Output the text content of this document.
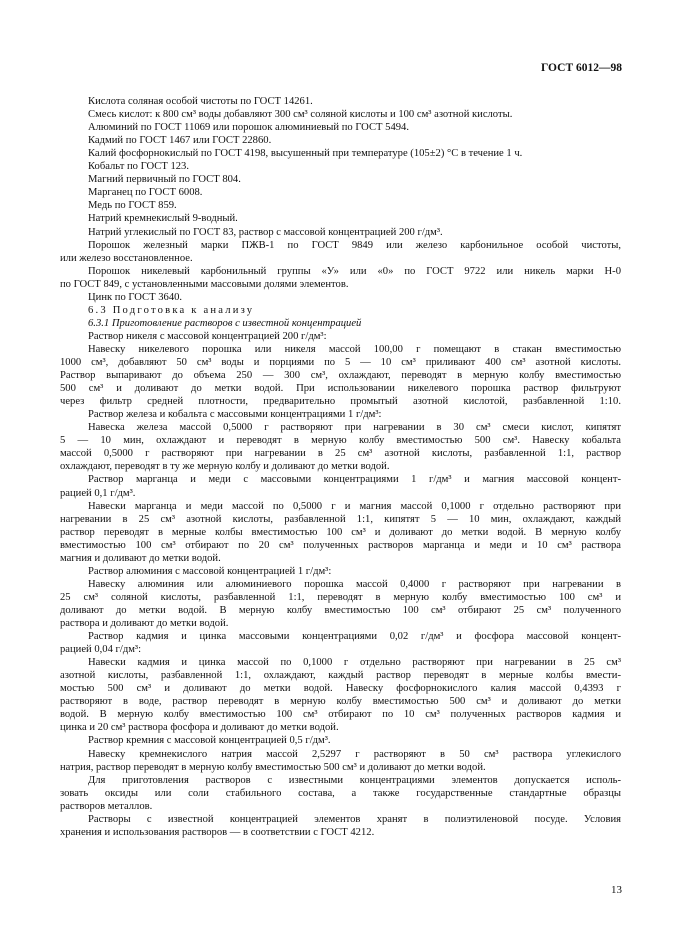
ГОСТ 6012—98
Кислота соляная особой чистоты по ГОСТ 14261.
Смесь кислот: к 800 см³ воды добавляют 300 см³ соляной кислоты и 100 см³ азотной кислоты.
Алюминий по ГОСТ 11069 или порошок алюминиевый по ГОСТ 5494.
Кадмий по ГОСТ 1467 или ГОСТ 22860.
Калий фосфорнокислый по ГОСТ 4198, высушенный при температуре (105±2) °С в течение 1 ч.
Кобальт по ГОСТ 123.
Магний первичный по ГОСТ 804.
Марганец по ГОСТ 6008.
Медь по ГОСТ 859.
Натрий кремнекислый 9-водный.
Натрий углекислый по ГОСТ 83, раствор с массовой концентрацией 200 г/дм³.
Порошок железный марки ПЖВ-1 по ГОСТ 9849 или железо карбонильное особой чистоты,
или железо восстановленное.
Порошок никелевый карбонильный группы «У» или «0» по ГОСТ 9722 или никель марки Н-0
по ГОСТ 849, с установленными массовыми долями элементов.
Цинк по ГОСТ 3640.
6.3 Подготовка к анализу
6.3.1 Приготовление растворов с известной концентрацией
Раствор никеля с массовой концентрацией 200 г/дм³:
Навеску никелевого порошка или никеля массой 100,00 г помещают в стакан вместимостью
1000 см³, добавляют 50 см³ воды и порциями по 5 — 10 см³ приливают 400 см³ азотной кислоты.
Раствор выпаривают до объема 250 — 300 см³, охлаждают, переводят в мерную колбу вместимостью
500 см³ и доливают до метки водой. При использовании никелевого порошка раствор фильтруют
через фильтр средней плотности, предварительно промытый азотной кислотой, разбавленной 1:10.
Раствор железа и кобальта с массовыми концентрациями 1 г/дм³:
Навеска железа массой 0,5000 г растворяют при нагревании в 30 см³ смеси кислот, кипятят
5 — 10 мин, охлаждают и переводят в мерную колбу вместимостью 500 см³. Навеску кобальта
массой 0,5000 г растворяют при нагревании в 25 см³ азотной кислоты, разбавленной 1:1, раствор
охлаждают, переводят в ту же мерную колбу и доливают до метки водой.
Раствор марганца и меди с массовыми концентрациями 1 г/дм³ и магния массовой концент-
рацией 0,1 г/дм³.
Навески марганца и меди массой по 0,5000 г и магния массой 0,1000 г отдельно растворяют при
нагревании в 25 см³ азотной кислоты, разбавленной 1:1, кипятят 5 — 10 мин, охлаждают, каждый
раствор переводят в мерные колбы вместимостью 100 см³ и доливают до метки водой. В мерную колбу
вместимостью 100 см³ отбирают по 20 см³ полученных растворов марганца и меди и 10 см³ раствора
магния и доливают до метки водой.
Раствор алюминия с массовой концентрацией 1 г/дм³:
Навеску алюминия или алюминиевого порошка массой 0,4000 г растворяют при нагревании в
25 см³ соляной кислоты, разбавленной 1:1, переводят в мерную колбу вместимостью 100 см³ и
доливают до метки водой. В мерную колбу вместимостью 100 см³ отбирают 25 см³ полученного
раствора и доливают до метки водой.
Раствор кадмия и цинка массовыми концентрациями 0,02 г/дм³ и фосфора массовой концент-
рацией 0,04 г/дм³:
Навески кадмия и цинка массой по 0,1000 г отдельно растворяют при нагревании в 25 см³
азотной кислоты, разбавленной 1:1, охлаждают, каждый раствор переводят в мерные колбы вмести-
мостью 500 см³ и доливают до метки водой. Навеску фосфорнокислого калия массой 0,4393 г
растворяют в воде, раствор переводят в мерную колбу вместимостью 500 см³ и доливают до метки
водой. В мерную колбу вместимостью 100 см³ отбирают по 10 см³ полученных растворов кадмия и
цинка и 20 см³ раствора фосфора и доливают до метки водой.
Раствор кремния с массовой концентрацией 0,5 г/дм³.
Навеску кремнекислого натрия массой 2,5297 г растворяют в 50 см³ раствора углекислого
натрия, раствор переводят в мерную колбу вместимостью 500 см³ и доливают до метки водой.
Для приготовления растворов с известными концентрациями элементов допускается исполь-
зовать оксиды или соли стабильного состава, а также государственные стандартные образцы
растворов металлов.
Растворы с известной концентрацией элементов хранят в полиэтиленовой посуде. Условия
хранения и использования растворов — в соответствии с ГОСТ 4212.
13
